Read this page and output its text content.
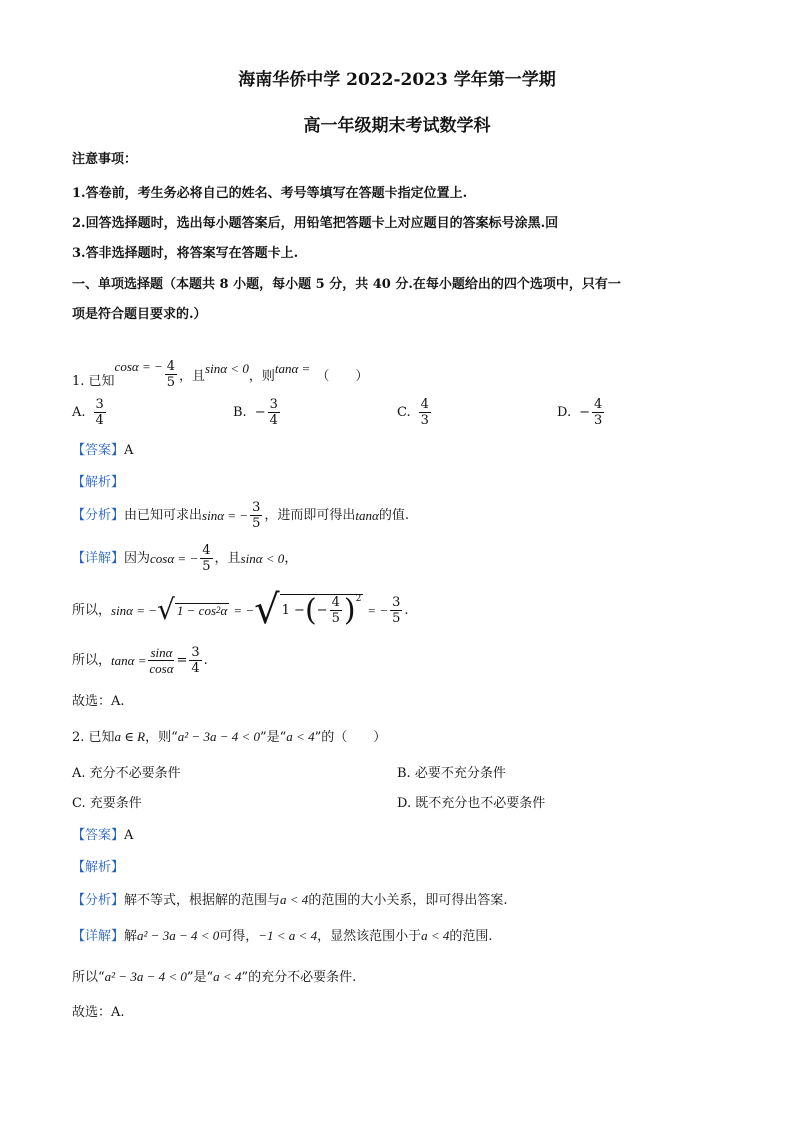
海南华侨中学 2022-2023 学年第一学期
高一年级期末考试数学科
注意事项：
1.答卷前，考生务必将自己的姓名、考号等填写在答题卡指定位置上.
2.回答选择题时，选出每小题答案后，用铅笔把答题卡上对应题目的答案标号涂黑.回
3.答非选择题时，将答案写在答题卡上.
一、单项选择题（本题共 8 小题，每小题 5 分，共 40 分.在每小题给出的四个选项中，只有一
项是符合题目要求的.）
1. 已知
cosα = − $\frac{4}{5}$ ，且
sinα < 0
，则
tanα =
（　　）
A. $\frac{3}{4}$	B. − $\frac{3}{4}$	C. $\frac{4}{3}$	D. − $\frac{4}{3}$
【答案】A
【解析】
【分析】 由已知可求出 sinα = − $\frac{3}{5}$ ，进而即可得出 tanα 的值.
【详解】 因为 cosα = − $\frac{4}{5}$ ，且 sinα < 0 ，
所以， sinα = − √ 1 − cos 2 α = − √ 1 − ( − $\frac{4}{5} )^2$
= − $\frac{3}{5}$ .
所以， $\tan\alpha = \frac{\sin\alpha}{\cos\alpha} = \frac{3}{4}$ .
故选：A.
2. 已知a ∈ R，则“a² − 3a − 4 < 0”是“a < 4”的（　　）
A. 充分不必要条件	B. 必要不充分条件
C. 充要条件	D. 既不充分也不必要条件
【答案】A
【解析】
【分析】解不等式，根据解的范围与a < 4的范围的大小关系，即可得出答案.
【详解】解a² − 3a − 4 < 0可得，−1 < a < 4，显然该范围小于a < 4的范围.
所以“a² − 3a − 4 < 0”是“a < 4”的充分不必要条件.
故选：A.
